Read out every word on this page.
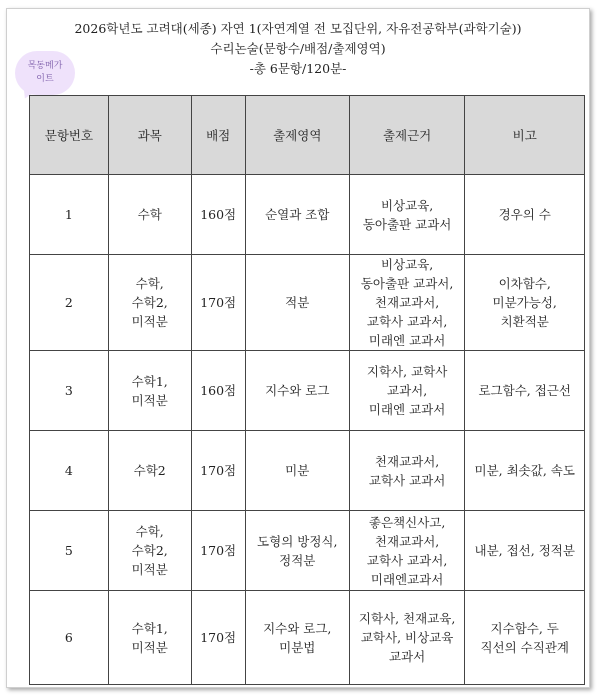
2026학년도 고려대(세종) 자연 1(자연계열 전 모집단위, 자유전공학부(과학기술))
수리논술(문항수/배점/출제영역)
-총 6문항/120분-
목동메가
이트
문항번호	과목	배점	출제영역	출제근거	비고
1	수학	160점	순열과 조합	비상교육,
동아출판 교과서	경우의 수

2	수학,
수학2,
미적분	170점	적분	비상교육,
동아출판 교과서,
천재교과서,
교학사 교과서,
미래엔 교과서	이차함수,
미분가능성,
치환적분

3	수학1,
미적분	160점	지수와 로그	지학사, 교학사
교과서,
미래엔 교과서	로그함수, 접근선

4	수학2	170점	미분	천재교과서,
교학사 교과서	미분, 최솟값, 속도

5	수학,
수학2,
미적분	170점	도형의 방정식,
정적분	좋은책신사고,
천재교과서,
교학사 교과서,
미래엔교과서	내분, 접선, 정적분

6	수학1,
미적분	170점	지수와 로그,
미분법	지학사, 천재교육,
교학사, 비상교육
교과서	지수함수, 두
직선의 수직관계
